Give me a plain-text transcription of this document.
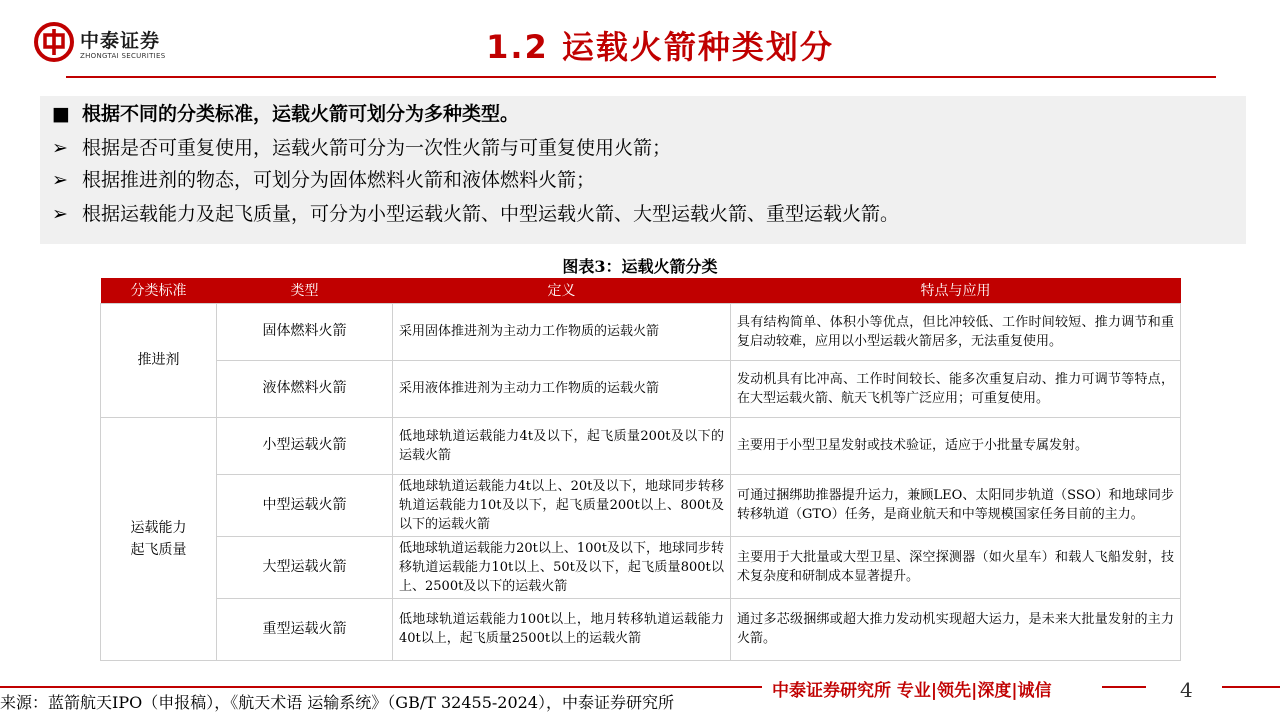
中泰证券
ZHONGTAI SECURITIES	1.2 运载火箭种类划分
■ 根据不同的分类标准，运载火箭可划分为多种类型。
➢ 根据是否可重复使用，运载火箭可分为一次性火箭与可重复使用火箭；
➢ 根据推进剂的物态，可划分为固体燃料火箭和液体燃料火箭；
➢ 根据运载能力及起飞质量，可分为小型运载火箭、中型运载火箭、大型运载火箭、重型运载火箭。
图表3：运载火箭分类
分类标准	类型	定义	特点与应用
推进剂	固体燃料火箭	采用固体推进剂为主动力工作物质的运载火箭	具有结构简单、体积小等优点，但比冲较低、工作时间较短、推力调节和重复启动较难，应用以小型运载火箭居多，无法重复使用。
	液体燃料火箭	采用液体推进剂为主动力工作物质的运载火箭	发动机具有比冲高、工作时间较长、能多次重复启动、推力可调节等特点，在大型运载火箭、航天飞机等广泛应用；可重复使用。

运载能力
起飞质量	小型运载火箭	低地球轨道运载能力4t及以下，起飞质量200t及以下的运载火箭	主要用于小型卫星发射或技术验证，适应于小批量专属发射。
	中型运载火箭	低地球轨道运载能力4t以上、20t及以下，地球同步转移轨道运载能力10t及以下，起飞质量200t以上、800t及以下的运载火箭	可通过捆绑助推器提升运力，兼顾LEO、太阳同步轨道（SSO）和地球同步转移轨道（GTO）任务，是商业航天和中等规模国家任务目前的主力。
	大型运载火箭	低地球轨道运载能力20t以上、100t及以下，地球同步转移轨道运载能力10t以上、50t及以下，起飞质量800t以上、2500t及以下的运载火箭	主要用于大批量或大型卫星、深空探测器（如火星车）和载人飞船发射，技术复杂度和研制成本显著提升。
	重型运载火箭	低地球轨道运载能力100t以上，地月转移轨道运载能力40t以上，起飞质量2500t以上的运载火箭	通过多芯级捆绑或超大推力发动机实现超大运力，是未来大批量发射的主力火箭。
中泰证券研究所 专业|领先|深度|诚信	4
来源：蓝箭航天IPO（申报稿），《航天术语 运输系统》（GB/T 32455-2024），中泰证券研究所
